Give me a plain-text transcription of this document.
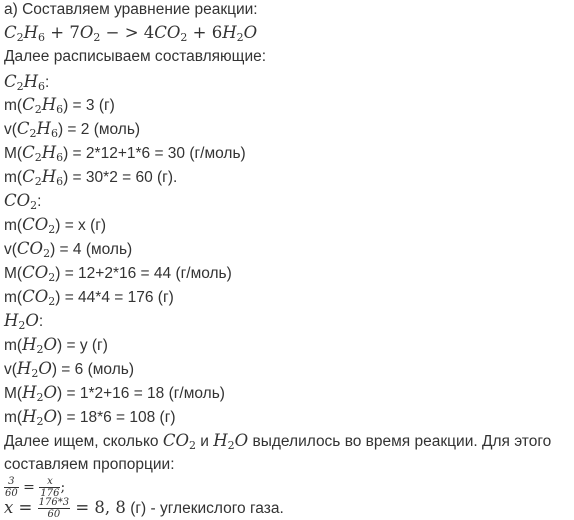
а) Составляем уравнение реакции:
$C_2H_6 + 7O_2$ − > $4CO_2 + 6H_2O$
Далее расписываем составляющие:
$C_2H_6$:
$m(C_2H_6) = 3$ (г)
$v(C_2H_6) = 2$ (моль)
$M(C_2H_6) = 2*12+1*6 = 30$ (г/моль)
$m(C_2H_6) = 30*2 = 60$ (г).
$CO_2$:
$m(CO_2) = x$ (г)
$v(CO_2) = 4$ (моль)
$M(CO_2) = 12+2*16 = 44$ (г/моль)
$m(CO_2) = 44*4 = 176$ (г)
$H_2O$:
$m(H_2O) = y$ (г)
$v(H_2O) = 6$ (моль)
$M(H_2O) = 1*2+16 = 18$ (г/моль)
$m(H_2O) = 18*6 = 108$ (г)
Далее ищем, сколько $CO_2$ и $H_2O$ выделилось во время реакции. Для этого
составляем пропорции:
$\frac{3}{60} = \frac{x}{176}$ ;
$x = \frac{176*3}{60} = 8$, 8 (г) - углекислого газа.
